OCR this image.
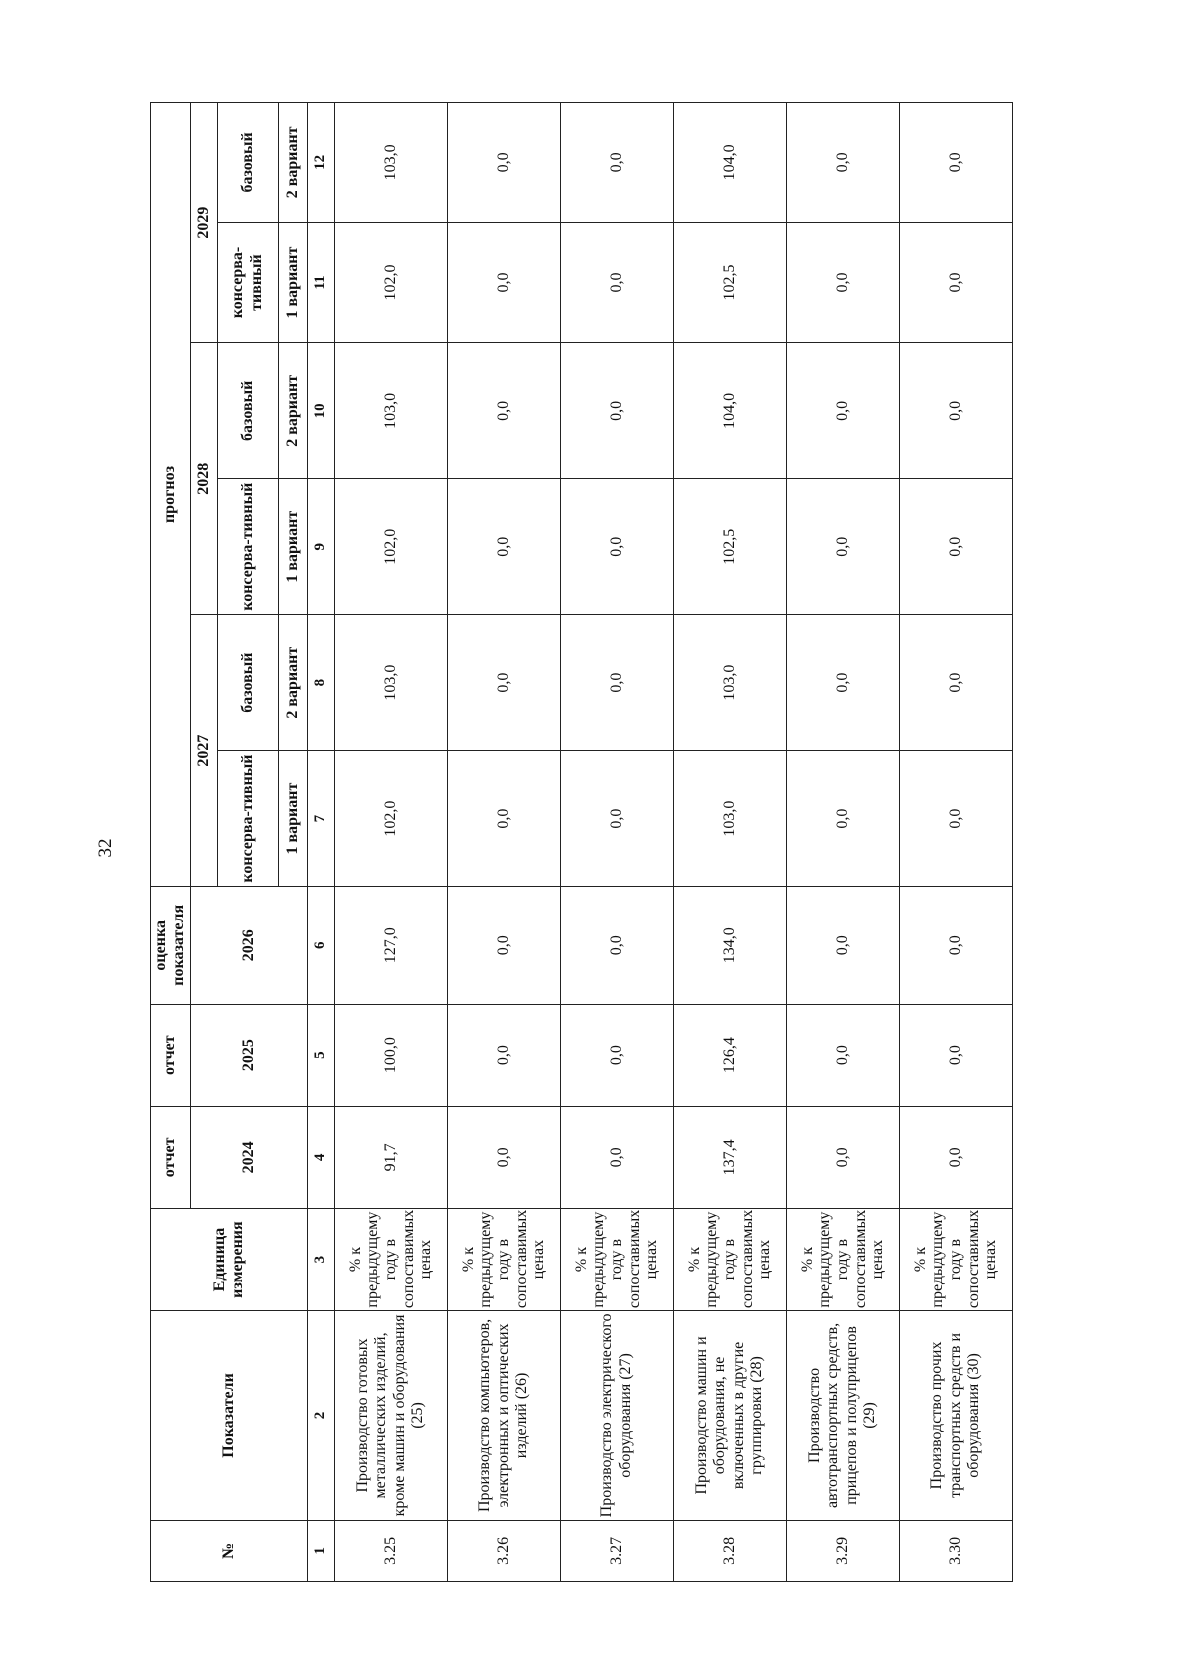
32
№	Показатели	Единица измерения	отчет	отчет	оценка показателя	прогноз					
			2024	2025	2026	2027		2028		2029	
						консерва-тивный	базовый	консерва-тивный	базовый	консерва-тивный	базовый
						1 вариант	2 вариант	1 вариант	2 вариант	1 вариант	2 вариант
1	2	3	4	5	6	7	8	9	10	11	12
3.25	Производство готовых металлических изделий, кроме машин и оборудования (25)	% к предыдущему году в сопоставимых ценах	91,7	100,0	127,0	102,0	103,0	102,0	103,0	102,0	103,0
3.26	Производство компьютеров, электронных и оптических изделий (26)	% к предыдущему году в сопоставимых ценах	0,0	0,0	0,0	0,0	0,0	0,0	0,0	0,0	0,0
3.27	Производство электрического оборудования (27)	% к предыдущему году в сопоставимых ценах	0,0	0,0	0,0	0,0	0,0	0,0	0,0	0,0	0,0
3.28	Производство машин и оборудования, не включенных в другие группировки (28)	% к предыдущему году в сопоставимых ценах	137,4	126,4	134,0	103,0	103,0	102,5	104,0	102,5	104,0
3.29	Производство автотранспортных средств, прицепов и полуприцепов (29)	% к предыдущему году в сопоставимых ценах	0,0	0,0	0,0	0,0	0,0	0,0	0,0	0,0	0,0
3.30	Производство прочих транспортных средств и оборудования (30)	% к предыдущему году в сопоставимых ценах	0,0	0,0	0,0	0,0	0,0	0,0	0,0	0,0	0,0
